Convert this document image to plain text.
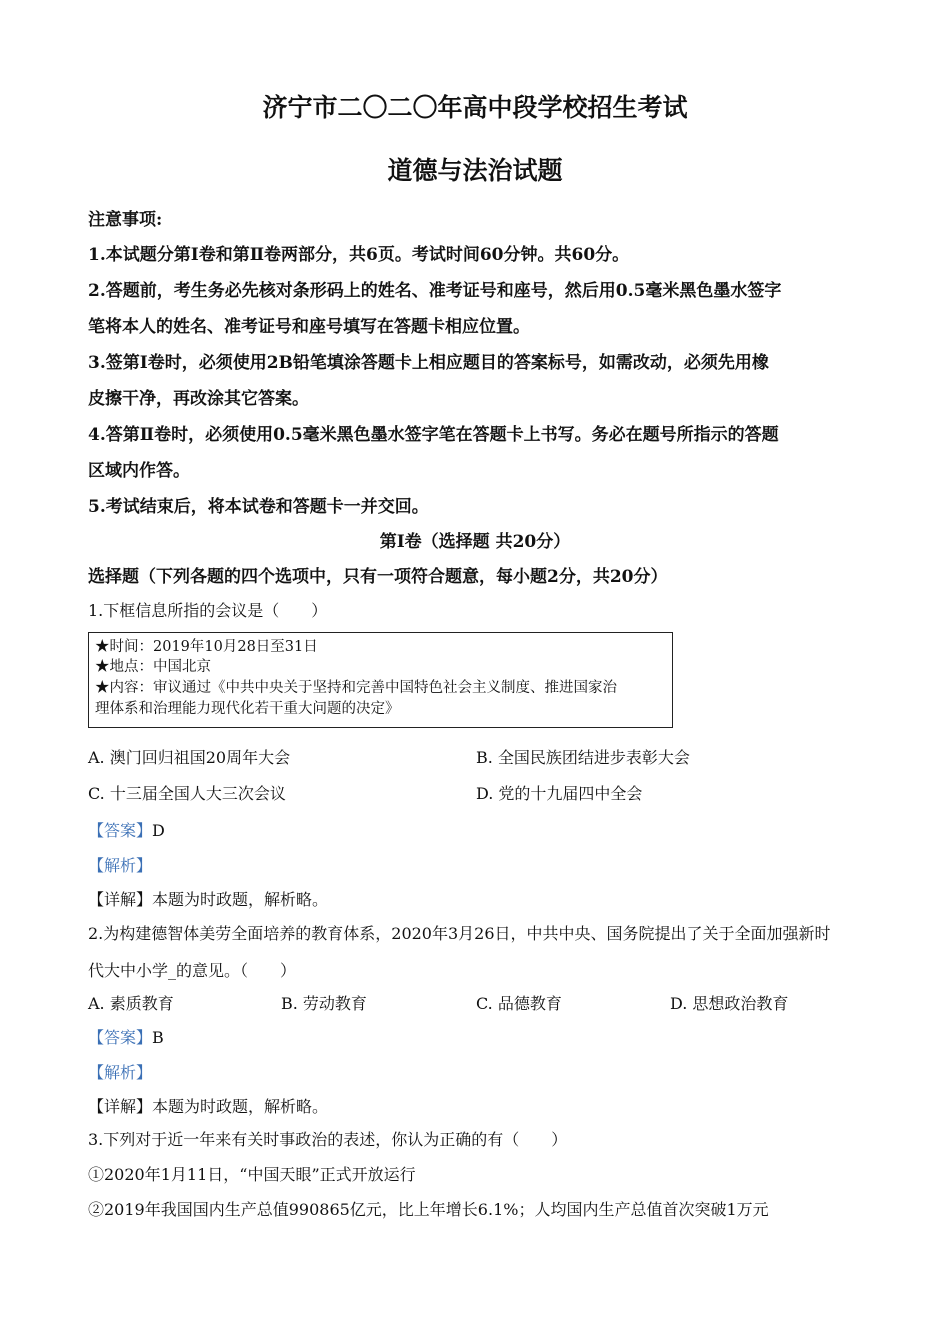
济宁市二〇二〇年高中段学校招生考试
道德与法治试题
注意事项:
1.本试题分第Ⅰ卷和第Ⅱ卷两部分，共6页。考试时间60分钟。共60分。
2.答题前，考生务必先核对条形码上的姓名、准考证号和座号，然后用0.5毫米黑色墨水签字
笔将本人的姓名、准考证号和座号填写在答题卡相应位置。
3.签第Ⅰ卷时，必须使用2B铅笔填涂答题卡上相应题目的答案标号，如需改动，必须先用橡
皮擦干净，再改涂其它答案。
4.答第Ⅱ卷时，必须使用0.5毫米黑色墨水签字笔在答题卡上书写。务必在题号所指示的答题
区域内作答。
5.考试结束后，将本试卷和答题卡一并交回。
第Ⅰ卷（选择题 共20分）
选择题（下列各题的四个选项中，只有一项符合题意，每小题2分，共20分）
1.下框信息所指的会议是（　　）
★时间：2019年10月28日至31日
★地点：中国北京
★内容：审议通过《中共中央关于坚持和完善中国特色社会主义制度、推进国家治
理体系和治理能力现代化若干重大问题的决定》
A. 澳门回归祖国20周年大会	B. 全国民族团结进步表彰大会
C. 十三届全国人大三次会议	D. 党的十九届四中全会
【答案】D
【解析】
【详解】本题为时政题，解析略。
2.为构建德智体美劳全面培养的教育体系，2020年3月26日，中共中央、国务院提出了关于全面加强新时
代大中小学_的意见。（　　）
A. 素质教育	B. 劳动教育	C. 品德教育	D. 思想政治教育
【答案】B
【解析】
【详解】本题为时政题，解析略。
3.下列对于近一年来有关时事政治的表述，你认为正确的有（　　）
①2020年1月11日，“中国天眼”正式开放运行
②2019年我国国内生产总值990865亿元，比上年增长6.1%；人均国内生产总值首次突破1万元
